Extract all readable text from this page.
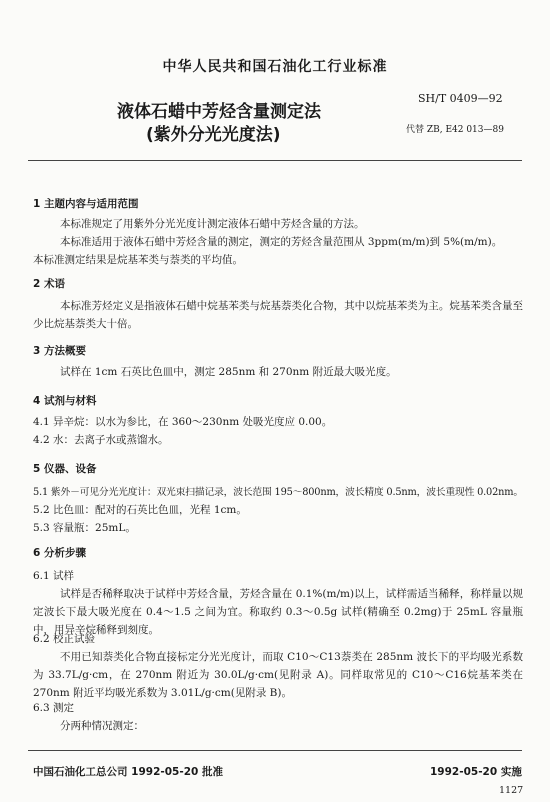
中华人民共和国石油化工行业标准
液体石蜡中芳烃含量测定法
(紫外分光光度法)
SH/T 0409—92
代替 ZB, E42 013—89
1 主题内容与适用范围
本标准规定了用紫外分光光度计测定液体石蜡中芳烃含量的方法。
本标准适用于液体石蜡中芳烃含量的测定，测定的芳烃含量范围从 3ppm(m/m)到 5%(m/m)。
本标准测定结果是烷基苯类与萘类的平均值。
2 术语
本标准芳烃定义是指液体石蜡中烷基苯类与烷基萘类化合物，其中以烷基苯类为主。烷基苯类含量至少比烷基萘类大十倍。
3 方法概要
试样在 1cm 石英比色皿中，测定 285nm 和 270nm 附近最大吸光度。
4 试剂与材料
4.1 异辛烷：以水为参比，在 360～230nm 处吸光度应 0.00。
4.2 水：去离子水或蒸馏水。
5 仪器、设备
5.1 紫外－可见分光光度计：双光束扫描记录，波长范围 195～800nm，波长精度 0.5nm，波长重现性 0.02nm。
5.2 比色皿：配对的石英比色皿，光程 1cm。
5.3 容量瓶：25mL。
6 分析步骤
6.1 试样
试样是否稀释取决于试样中芳烃含量，芳烃含量在 0.1%(m/m)以上，试样需适当稀释，称样量以规定波长下最大吸光度在 0.4～1.5 之间为宜。称取约 0.3～0.5g 试样(精确至 0.2mg)于 25mL 容量瓶中，用异辛烷稀释到刻度。
6.2 校正试验
不用已知萘类化合物直接标定分光光度计，而取 C10～C13萘类在 285nm 波长下的平均吸光系数为 33.7L/g·cm，在 270nm 附近为 30.0L/g·cm(见附录 A)。同样取常见的 C10～C16烷基苯类在 270nm 附近平均吸光系数为 3.01L/g·cm(见附录 B)。
6.3 测定
分两种情况测定：
中国石油化工总公司 1992-05-20 批准	1992-05-20 实施
1127
